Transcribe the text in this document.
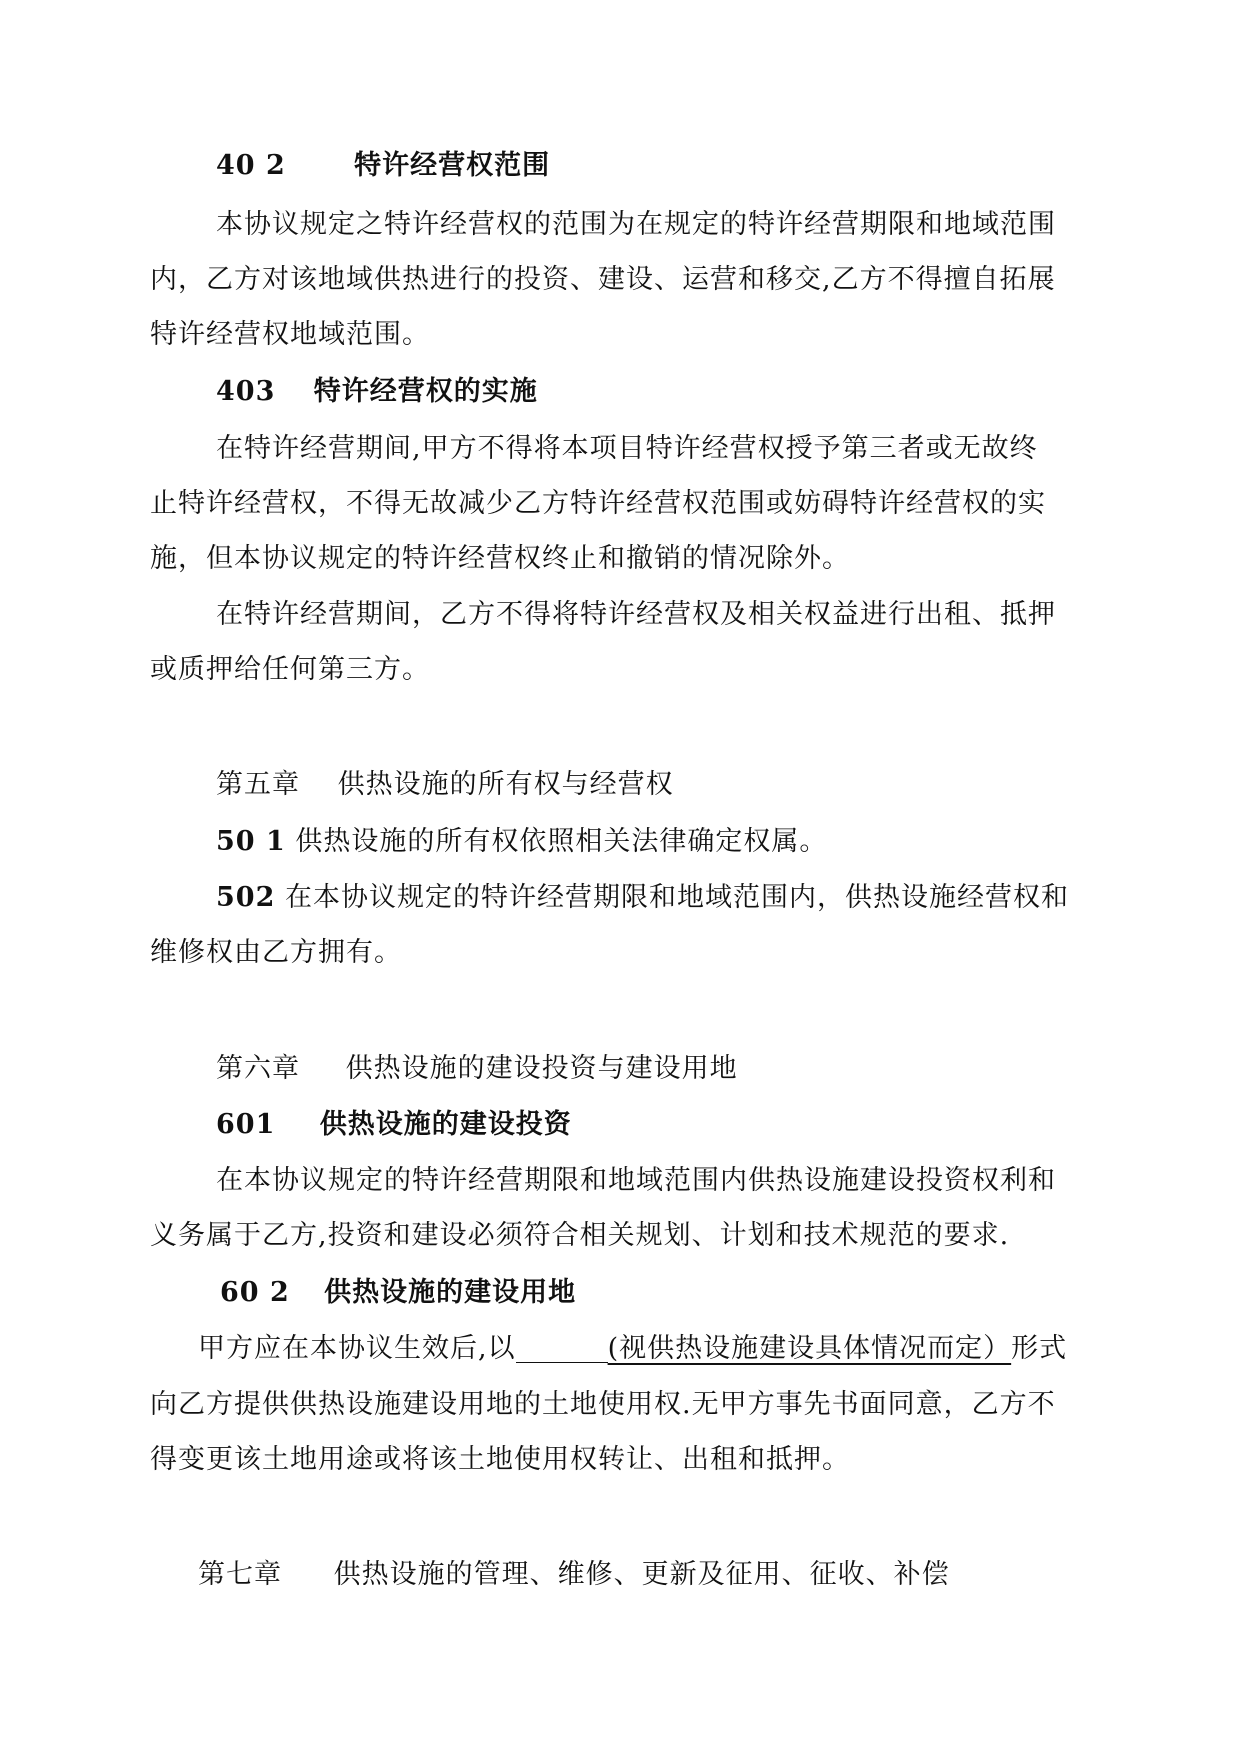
40 2	特许经营权范围
本协议规定之特许经营权的范围为在规定的特许经营期限和地域范围
内，乙方对该地域供热进行的投资、建设、运营和移交,乙方不得擅自拓展
特许经营权地域范围。
403 特许经营权的实施
在特许经营期间,甲方不得将本项目特许经营权授予第三者或无故终
止特许经营权，不得无故减少乙方特许经营权范围或妨碍特许经营权的实
施，但本协议规定的特许经营权终止和撤销的情况除外。
在特许经营期间，乙方不得将特许经营权及相关权益进行出租、抵押
或质押给任何第三方。
第五章 供热设施的所有权与经营权
50 1 供热设施的所有权依照相关法律确定权属。
502 在本协议规定的特许经营期限和地域范围内，供热设施经营权和
维修权由乙方拥有。
第六章 供热设施的建设投资与建设用地
601 供热设施的建设投资
在本协议规定的特许经营期限和地域范围内供热设施建设投资权利和
义务属于乙方,投资和建设必须符合相关规划、计划和技术规范的要求.
60 2 供热设施的建设用地
甲方应在本协议生效后,以	(视供热设施建设具体情况而定）形式
向乙方提供供热设施建设用地的土地使用权.无甲方事先书面同意，乙方不
得变更该土地用途或将该土地使用权转让、出租和抵押。
第七章 供热设施的管理、维修、更新及征用、征收、补偿
